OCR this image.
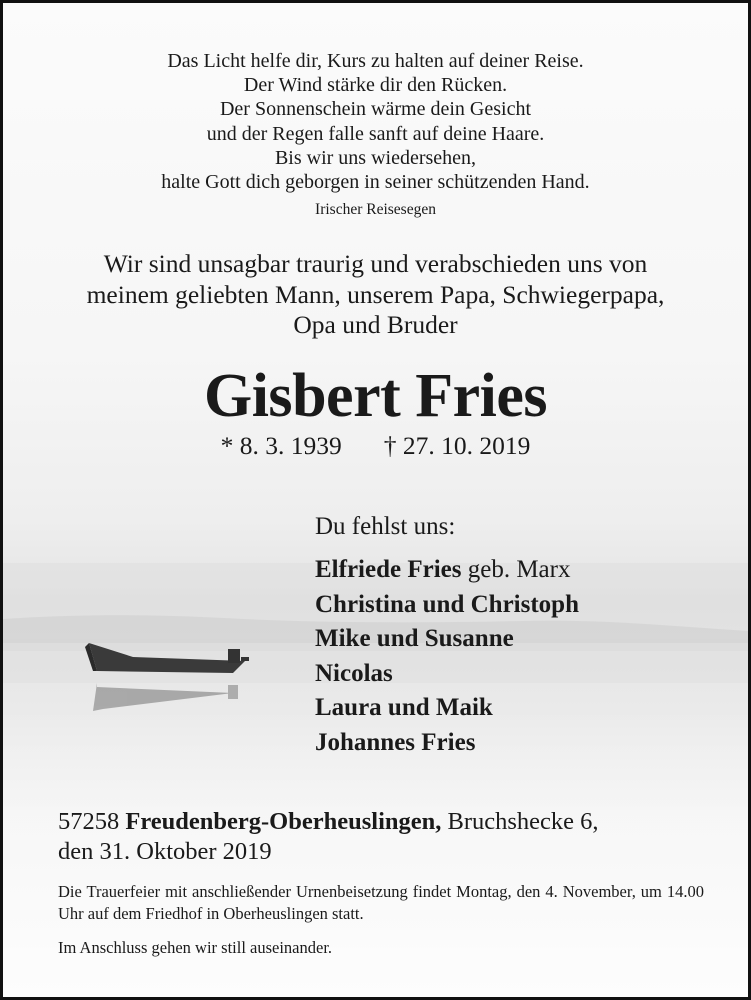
Das Licht helfe dir, Kurs zu halten auf deiner Reise.
Der Wind stärke dir den Rücken.
Der Sonnenschein wärme dein Gesicht
und der Regen falle sanft auf deine Haare.
Bis wir uns wiedersehen,
halte Gott dich geborgen in seiner schützenden Hand.
Irischer Reisesegen
Wir sind unsagbar traurig und verabschieden uns von
meinem geliebten Mann, unserem Papa, Schwiegerpapa,
Opa und Bruder
Gisbert Fries
* 8. 3. 1939 † 27. 10. 2019
Du fehlst uns:
Elfriede Fries geb. Marx
Christina und Christoph
Mike und Susanne
Nicolas
Laura und Maik
Johannes Fries
57258 Freudenberg-Oberheuslingen, Bruchshecke 6,
den 31. Oktober 2019

Die Trauerfeier mit anschließender Urnenbeisetzung findet Montag, den 4. November, um 14.00 Uhr auf dem Friedhof in Oberheuslingen statt.

Im Anschluss gehen wir still auseinander.
